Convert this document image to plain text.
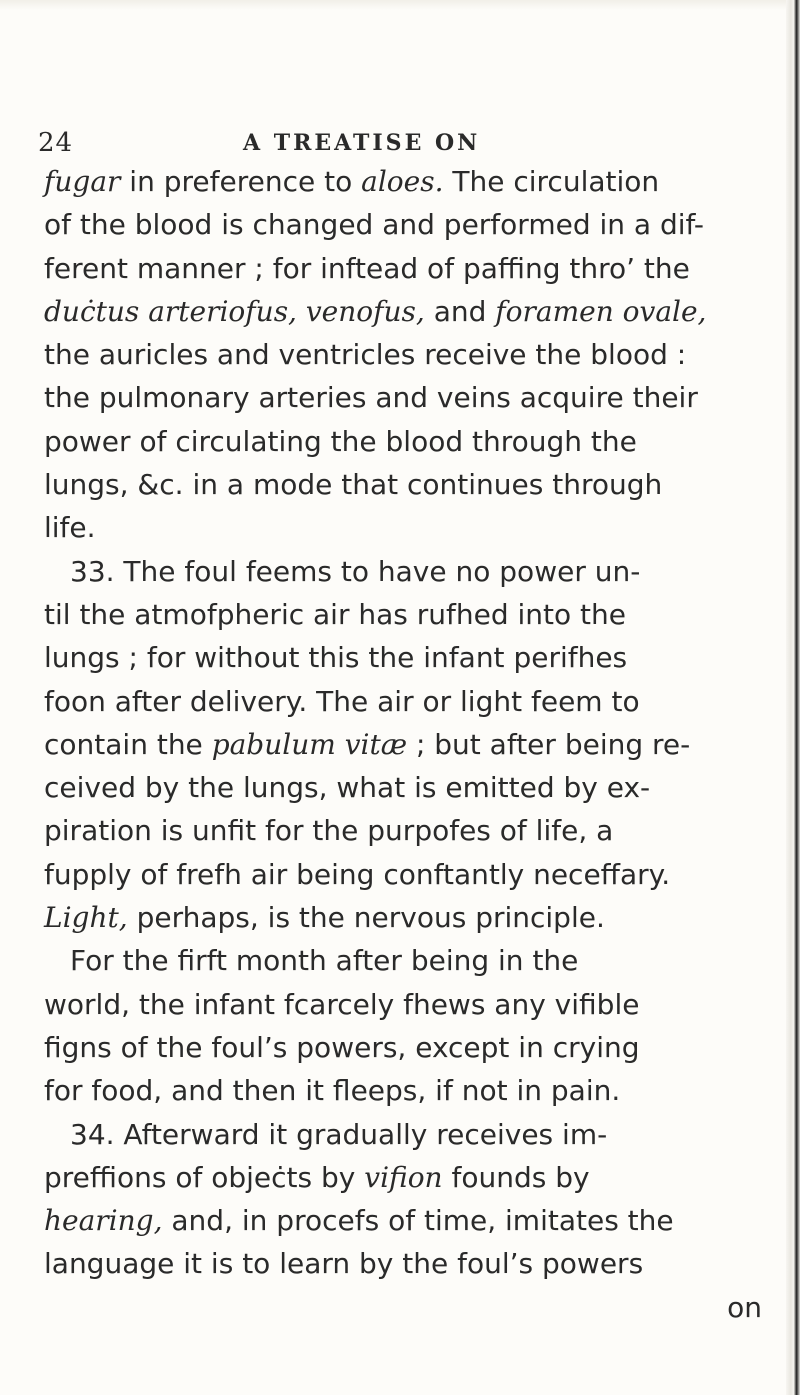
24	A TREATISE ON
fugar in preference to aloes. The circulation
of the blood is changed and performed in a dif-
ferent manner ; for inftead of paffing thro’ the
duċtus arteriofus, venofus, and foramen ovale,
the auricles and ventricles receive the blood :
the pulmonary arteries and veins acquire their
power of circulating the blood through the
lungs, &c. in a mode that continues through
life.
33. The foul feems to have no power un-
til the atmofpheric air has rufhed into the
lungs ; for without this the infant perifhes
foon after delivery. The air or light feem to
contain the pabulum vitæ ; but after being re-
ceived by the lungs, what is emitted by ex-
piration is unfit for the purpofes of life, a
fupply of frefh air being conftantly neceffary.
Light, perhaps, is the nervous principle.
For the firft month after being in the
world, the infant fcarcely fhews any vifible
figns of the foul’s powers, except in crying
for food, and then it fleeps, if not in pain.
34. Afterward it gradually receives im-
preffions of objeċts by vifion founds by
hearing, and, in procefs of time, imitates the
language it is to learn by the foul’s powers
on
